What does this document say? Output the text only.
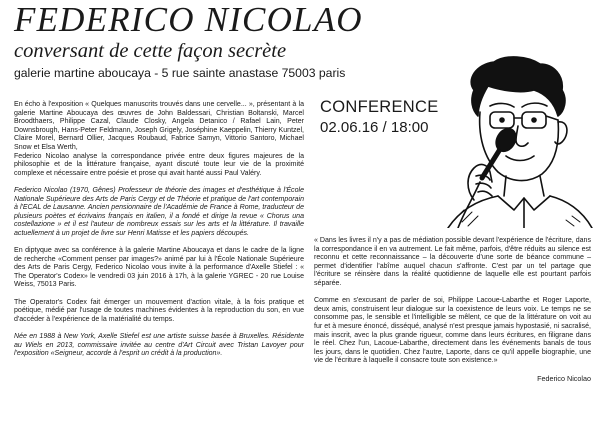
FEDERICO NICOLAO
conversant de cette façon secrète
galerie martine aboucaya - 5 rue sainte anastase 75003 paris
CONFERENCE
02.06.16 / 18:00

En écho à l'exposition « Quelques manuscrits trouvés dans une cervelle... », présentant à la galerie Martine Aboucaya des œuvres de John Baldessari, Christian Boltanski, Marcel Broodthaers, Philippe Cazal, Claude Closky, Angela Detanico / Rafael Lain, Peter Downsbrough, Hans-Peter Feldmann, Joseph Grigely, Joséphine Kaeppelin, Thierry Kuntzel, Claire Morel, Bernard Ollier, Jacques Roubaud, Fabrice Samyn, Vittorio Santoro, Michael Snow et Elsa Werth,
Federico Nicolao analyse la correspondance privée entre deux figures majeures de la philosophie et de la littérature française, ayant discuté toute leur vie de la proximité complexe et nécessaire entre poésie et prose qui avait hanté aussi Paul Valéry.

Federico Nicolao (1970, Gênes) Professeur de théorie des images et d'esthétique à l'École Nationale Supérieure des Arts de Paris Cergy et de Théorie et pratique de l'art contemporain à l'ECAL de Lausanne. Ancien pensionnaire de l'Académie de France à Rome, traducteur de plusieurs poètes et écrivains français en italien, il a fondé et dirige la revue « Chorus una costellazione » et il est l'auteur de nombreux essais sur les arts et la littérature. Il travaille actuellement à un projet de livre sur Henri Matisse et les papiers découpés.

En diptyque avec sa conférence à la galerie Martine Aboucaya et dans le cadre de la ligne de recherche «Comment penser par images?» animé par lui à l'École Nationale Supérieure des Arts de Paris Cergy, Federico Nicolao vous invite à la performance d'Axelle Stiefel : « The Operator's Codex» le vendredi 03 juin 2016 à 17h, à la galerie YGREC - 20 rue Louise Weiss, 75013 Paris.

The Operator's Codex fait émerger un mouvement d'action vitale, à la fois pratique et poétique, médié par l'usage de toutes machines évidentes à la reproduction du son, en vue d'accéder à l'expérience de la matérialité du temps.

Née en 1988 à New York, Axelle Stiefel est une artiste suisse basée à Bruxelles. Résidente au Wiels en 2013, commissaire invitée au centre d'Art Circuit avec Tristan Lavoyer pour l'exposition «Seigneur, accorde à l'esprit un crédit à la production».

« Dans les livres il n'y a pas de médiation possible devant l'expérience de l'écriture, dans la correspondance il en va autrement. Le fait même, parfois, d'être réduits au silence est reconnu et cette reconnaissance – la découverte d'une sorte de béance commune – permet d'identifier l'abîme auquel chacun s'affronte. C'est par un tel partage que l'écriture se réinsère dans la réalité quotidienne de laquelle elle est pourtant parfois séparée.

Comme en s'excusant de parler de soi, Philippe Lacoue-Labarthe et Roger Laporte, deux amis, construisent leur dialogue sur la coexistence de leurs voix. Le temps ne se consomme pas, le sensible et l'intelligible se mêlent, ce que de la littérature on voit au fur et à mesure énoncé, disséqué, analysé n'est presque jamais hypostasié, ni sacralisé, mais inscrit, avec la plus grande rigueur, comme dans leurs écritures, en filigrane dans le réel. Chez l'un, Lacoue-Labarthe, directement dans les événements banals de tous les jours, dans le quotidien. Chez l'autre, Laporte, dans ce qu'il appelle biographie, une vie de l'écriture à laquelle il consacre toute son existence.»

Federico Nicolao
